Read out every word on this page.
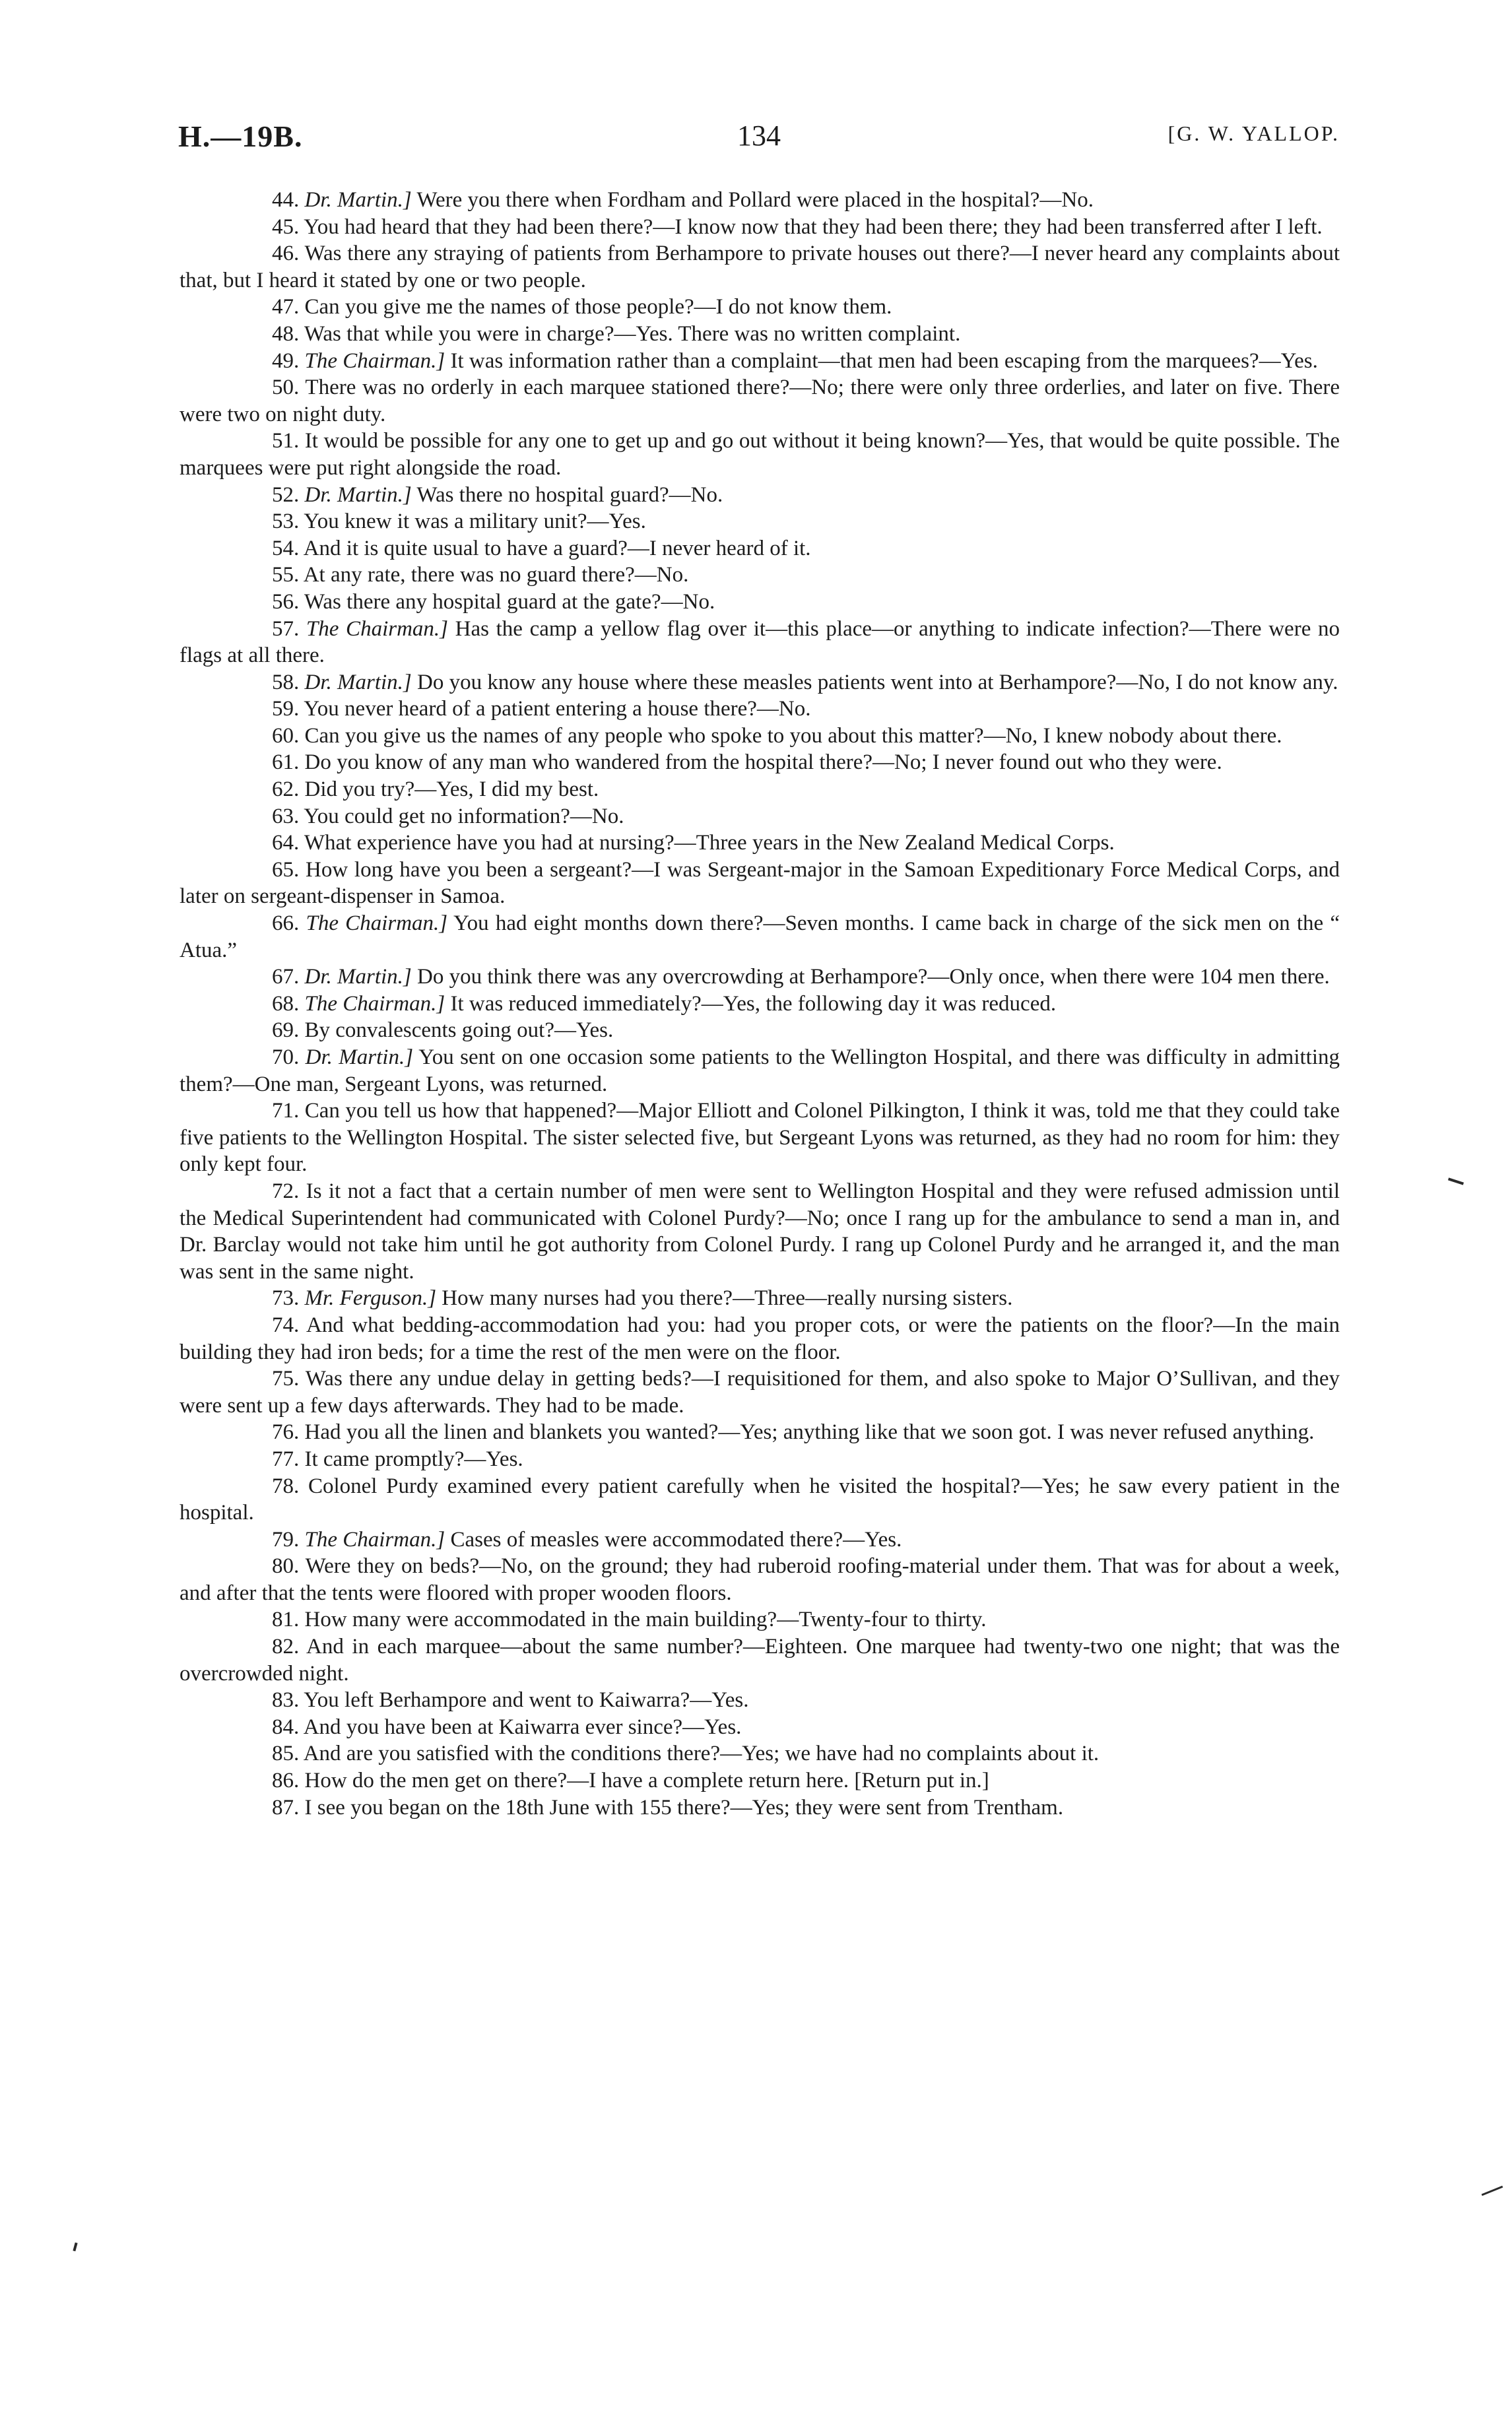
H.—19B.	134	[G. W. YALLOP.

44. Dr. Martin.] Were you there when Fordham and Pollard were placed in the hospital?—No.

45. You had heard that they had been there?—I know now that they had been there; they had been transferred after I left.

46. Was there any straying of patients from Berhampore to private houses out there?—I never heard any complaints about that, but I heard it stated by one or two people.

47. Can you give me the names of those people?—I do not know them.

48. Was that while you were in charge?—Yes. There was no written complaint.

49. The Chairman.] It was information rather than a complaint—that men had been escaping from the marquees?—Yes.

50. There was no orderly in each marquee stationed there?—No; there were only three orderlies, and later on five. There were two on night duty.

51. It would be possible for any one to get up and go out without it being known?—Yes, that would be quite possible. The marquees were put right alongside the road.

52. Dr. Martin.] Was there no hospital guard?—No.

53. You knew it was a military unit?—Yes.

54. And it is quite usual to have a guard?—I never heard of it.

55. At any rate, there was no guard there?—No.

56. Was there any hospital guard at the gate?—No.

57. The Chairman.] Has the camp a yellow flag over it—this place—or anything to indicate infection?—There were no flags at all there.

58. Dr. Martin.] Do you know any house where these measles patients went into at Berhampore?—No, I do not know any.

59. You never heard of a patient entering a house there?—No.

60. Can you give us the names of any people who spoke to you about this matter?—No, I knew nobody about there.

61. Do you know of any man who wandered from the hospital there?—No; I never found out who they were.

62. Did you try?—Yes, I did my best.

63. You could get no information?—No.

64. What experience have you had at nursing?—Three years in the New Zealand Medical Corps.

65. How long have you been a sergeant?—I was Sergeant-major in the Samoan Expeditionary Force Medical Corps, and later on sergeant-dispenser in Samoa.

66. The Chairman.] You had eight months down there?—Seven months. I came back in charge of the sick men on the “ Atua.”

67. Dr. Martin.] Do you think there was any overcrowding at Berhampore?—Only once, when there were 104 men there.

68. The Chairman.] It was reduced immediately?—Yes, the following day it was reduced.

69. By convalescents going out?—Yes.

70. Dr. Martin.] You sent on one occasion some patients to the Wellington Hospital, and there was difficulty in admitting them?—One man, Sergeant Lyons, was returned.

71. Can you tell us how that happened?—Major Elliott and Colonel Pilkington, I think it was, told me that they could take five patients to the Wellington Hospital. The sister selected five, but Sergeant Lyons was returned, as they had no room for him: they only kept four.

72. Is it not a fact that a certain number of men were sent to Wellington Hospital and they were refused admission until the Medical Superintendent had communicated with Colonel Purdy?—No; once I rang up for the ambulance to send a man in, and Dr. Barclay would not take him until he got authority from Colonel Purdy. I rang up Colonel Purdy and he arranged it, and the man was sent in the same night.

73. Mr. Ferguson.] How many nurses had you there?—Three—really nursing sisters.

74. And what bedding-accommodation had you: had you proper cots, or were the patients on the floor?—In the main building they had iron beds; for a time the rest of the men were on the floor.

75. Was there any undue delay in getting beds?—I requisitioned for them, and also spoke to Major O’Sullivan, and they were sent up a few days afterwards. They had to be made.

76. Had you all the linen and blankets you wanted?—Yes; anything like that we soon got. I was never refused anything.

77. It came promptly?—Yes.

78. Colonel Purdy examined every patient carefully when he visited the hospital?—Yes; he saw every patient in the hospital.

79. The Chairman.] Cases of measles were accommodated there?—Yes.

80. Were they on beds?—No, on the ground; they had ruberoid roofing-material under them. That was for about a week, and after that the tents were floored with proper wooden floors.

81. How many were accommodated in the main building?—Twenty-four to thirty.

82. And in each marquee—about the same number?—Eighteen. One marquee had twenty-two one night; that was the overcrowded night.

83. You left Berhampore and went to Kaiwarra?—Yes.

84. And you have been at Kaiwarra ever since?—Yes.

85. And are you satisfied with the conditions there?—Yes; we have had no complaints about it.

86. How do the men get on there?—I have a complete return here. [Return put in.]

87. I see you began on the 18th June with 155 there?—Yes; they were sent from Trentham.
